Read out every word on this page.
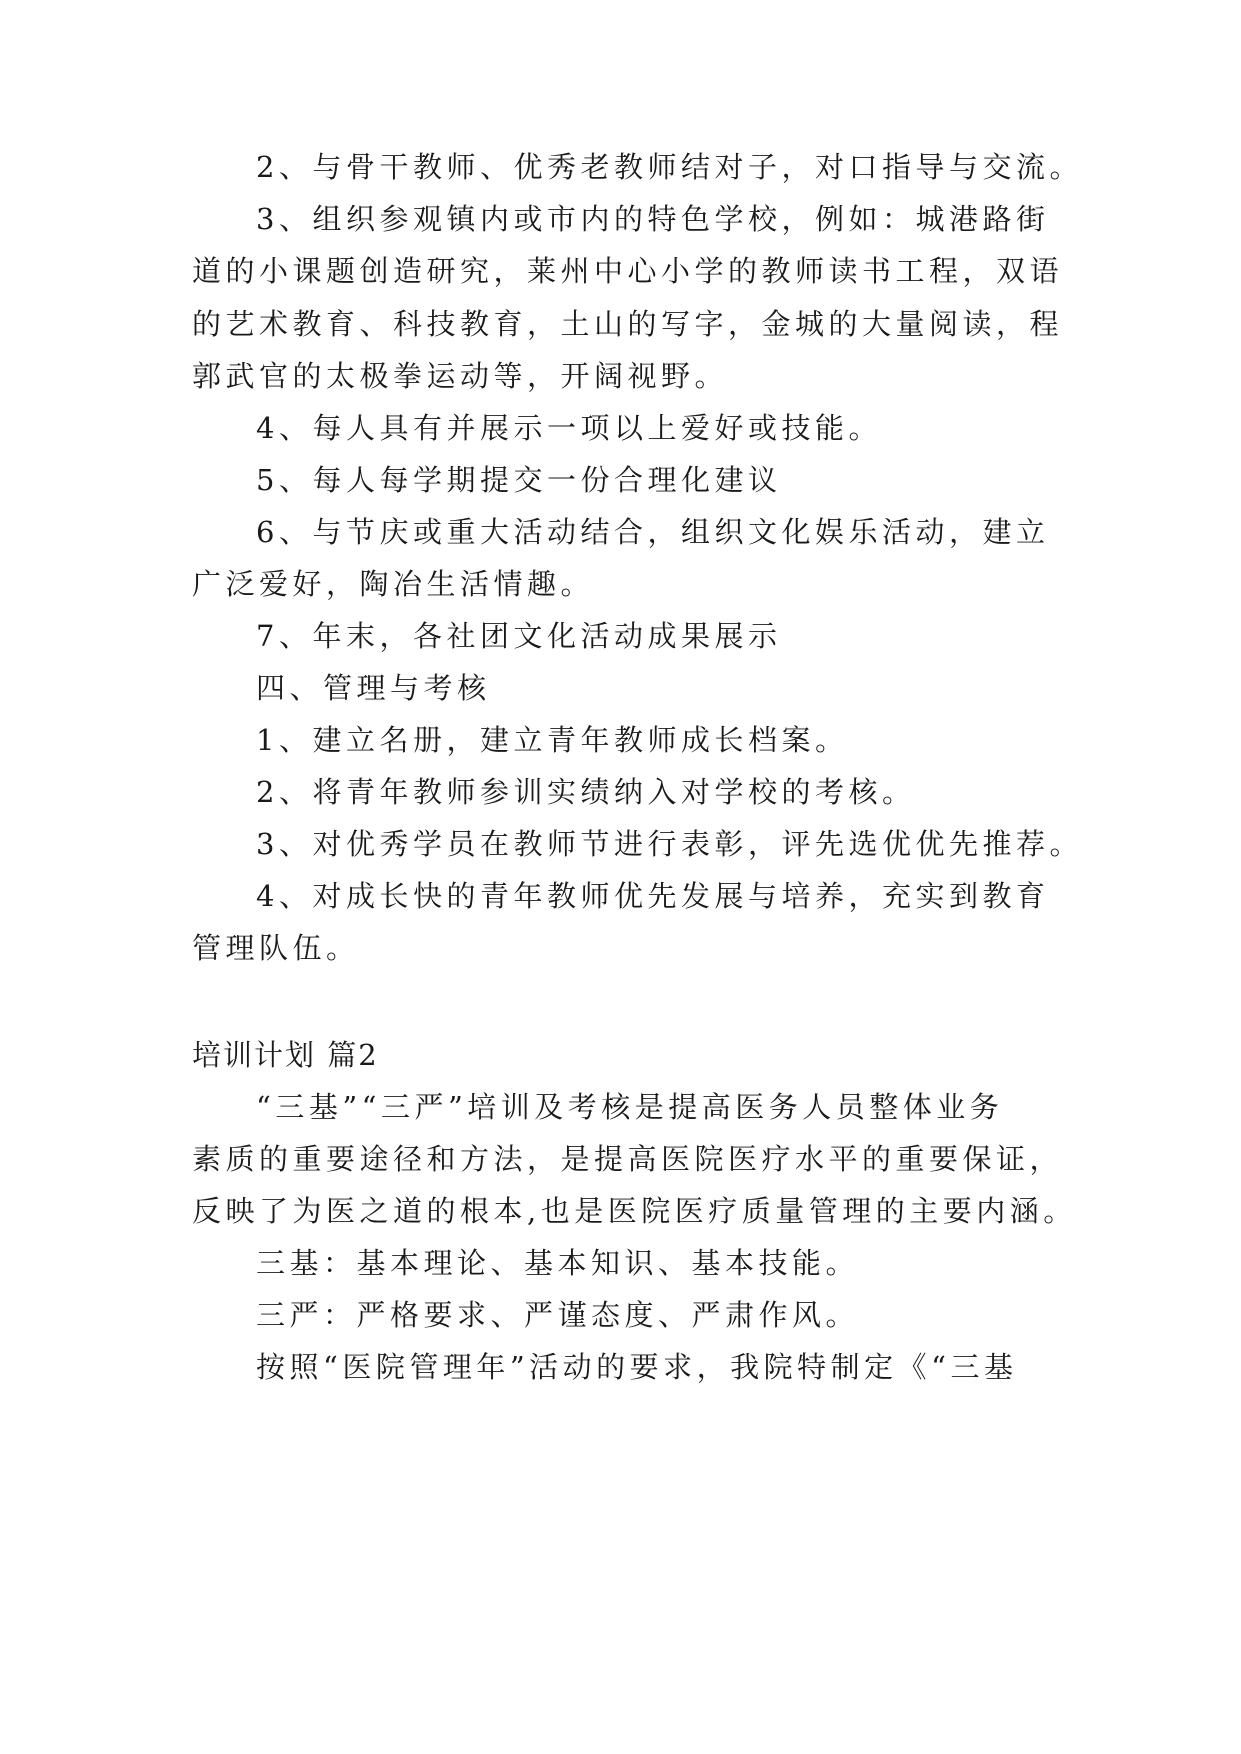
2、与骨干教师、优秀老教师结对子，对口指导与交流。
3、组织参观镇内或市内的特色学校，例如：城港路街
道的小课题创造研究，莱州中心小学的教师读书工程，双语
的艺术教育、科技教育，土山的写字，金城的大量阅读，程
郭武官的太极拳运动等，开阔视野。
4、每人具有并展示一项以上爱好或技能。
5、每人每学期提交一份合理化建议
6、与节庆或重大活动结合，组织文化娱乐活动，建立
广泛爱好，陶冶生活情趣。
7、年末，各社团文化活动成果展示
四、管理与考核
1、建立名册，建立青年教师成长档案。
2、将青年教师参训实绩纳入对学校的考核。
3、对优秀学员在教师节进行表彰，评先选优优先推荐。
4、对成长快的青年教师优先发展与培养，充实到教育
管理队伍。
培训计划 篇2
“三基”“三严”培训及考核是提高医务人员整体业务
素质的重要途径和方法，是提高医院医疗水平的重要保证，
反映了为医之道的根本,也是医院医疗质量管理的主要内涵。
三基：基本理论、基本知识、基本技能。
三严：严格要求、严谨态度、严肃作风。
按照“医院管理年”活动的要求，我院特制定《“三基
